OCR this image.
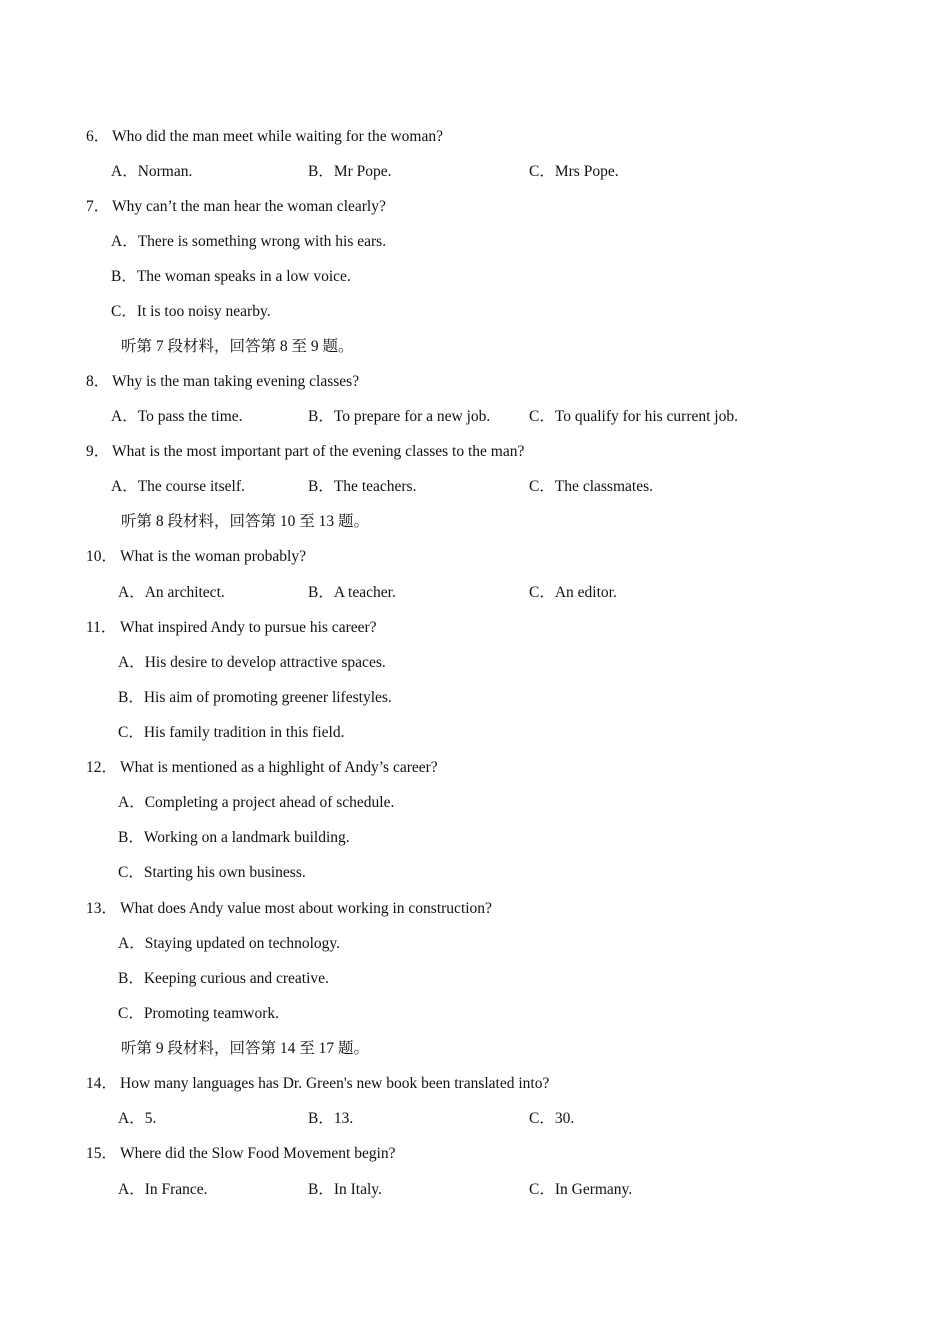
6． Who did the man meet while waiting for the woman?
A．Norman.	B．Mr Pope.	C．Mrs Pope.
7． Why can’t the man hear the woman clearly?
A．There is something wrong with his ears.
B．The woman speaks in a low voice.
C．It is too noisy nearby.
听第 7 段材料，回答第 8 至 9 题。
8． Why is the man taking evening classes?
A．To pass the time.	B．To prepare for a new job. C．To qualify for his current job.
9． What is the most important part of the evening classes to the man?
A．The course itself.	B．The teachers.	C．The classmates.
听第 8 段材料，回答第 10 至 13 题。
10． What is the woman probably?
A．An architect.	B．A teacher.	C．An editor.
11． What inspired Andy to pursue his career?
A．His desire to develop attractive spaces.
B．His aim of promoting greener lifestyles.
C．His family tradition in this field.
12． What is mentioned as a highlight of Andy’s career?
A．Completing a project ahead of schedule.
B．Working on a landmark building.
C．Starting his own business.
13． What does Andy value most about working in construction?
A．Staying updated on technology.
B．Keeping curious and creative.
C．Promoting teamwork.
听第 9 段材料，回答第 14 至 17 题。
14． How many languages has Dr. Green's new book been translated into?
A．5.	B．13.	C．30.
15． Where did the Slow Food Movement begin?
A．In France.	B．In Italy.	C．In Germany.
